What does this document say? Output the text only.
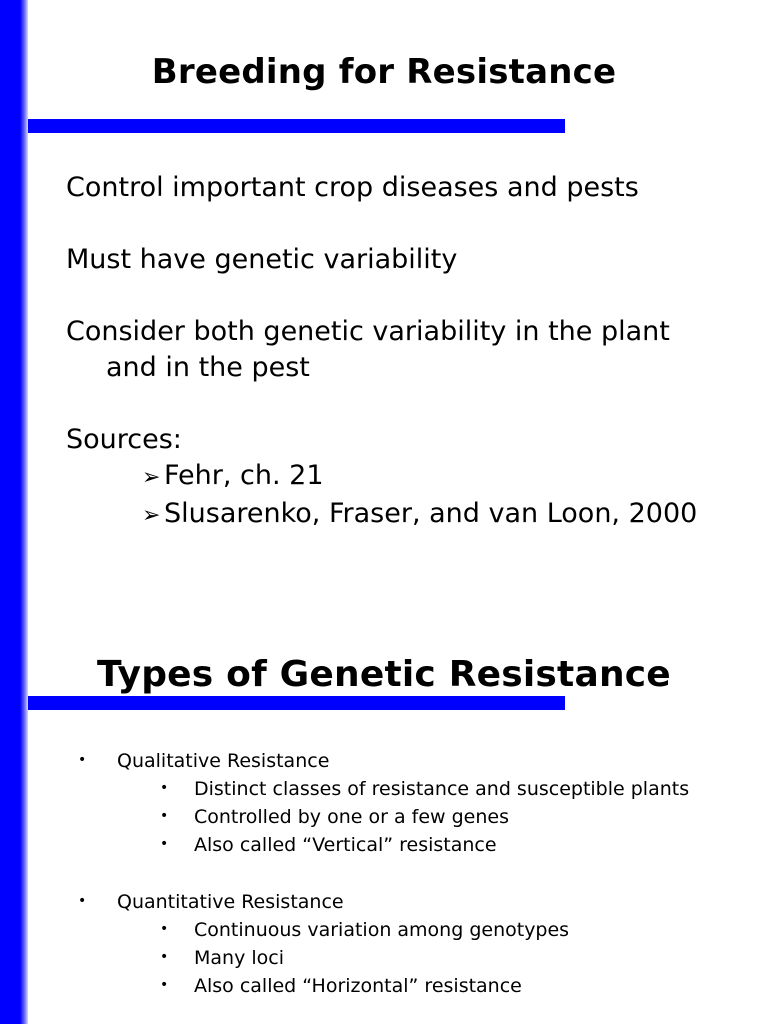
Breeding for Resistance
Control important crop diseases and pests
Must have genetic variability
Consider both genetic variability in the plant
and in the pest
Sources:
➢ Fehr, ch. 21
➢ Slusarenko, Fraser, and van Loon, 2000
Types of Genetic Resistance
• Qualitative Resistance
• Distinct classes of resistance and susceptible plants
• Controlled by one or a few genes
• Also called “Vertical” resistance
• Quantitative Resistance
• Continuous variation among genotypes
• Many loci
• Also called “Horizontal” resistance
